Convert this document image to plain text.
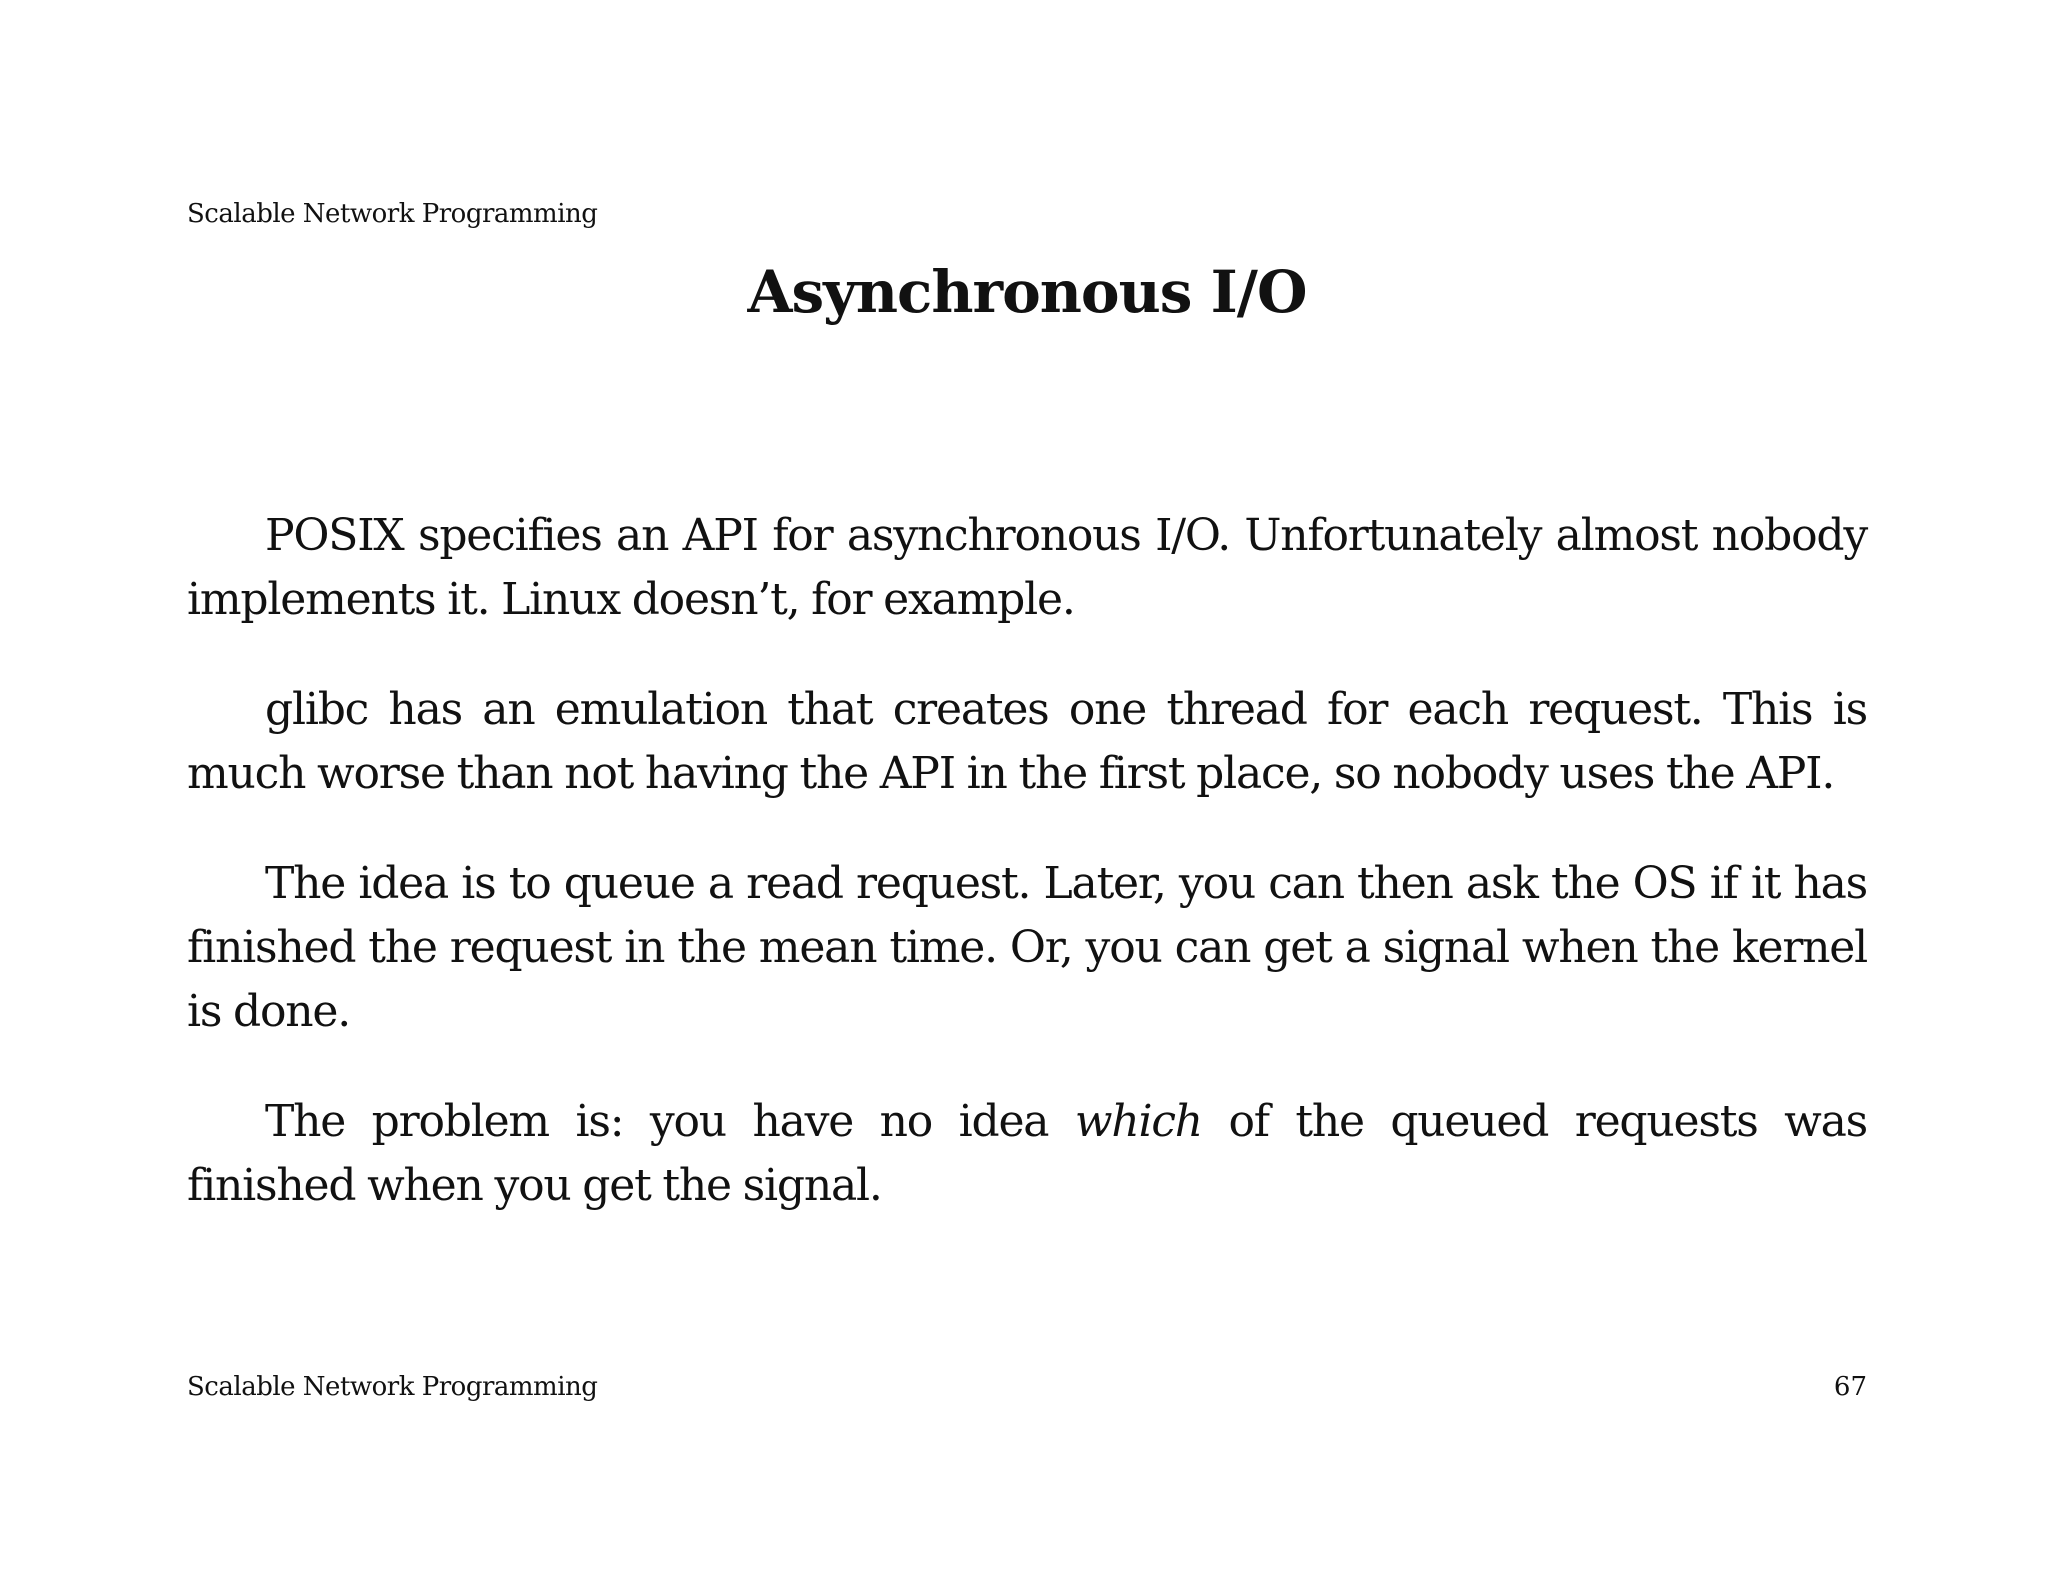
Scalable Network Programming
Asynchronous I/O

POSIX specifies an API for asynchronous I/O. Unfortunately almost nobody implements it. Linux doesn’t, for example.

glibc has an emulation that creates one thread for each request. This is much worse than not having the API in the first place, so nobody uses the API.

The idea is to queue a read request. Later, you can then ask the OS if it has finished the request in the mean time. Or, you can get a signal when the kernel is done.

The problem is: you have no idea which of the queued requests was finished when you get the signal.

Scalable Network Programming	67
